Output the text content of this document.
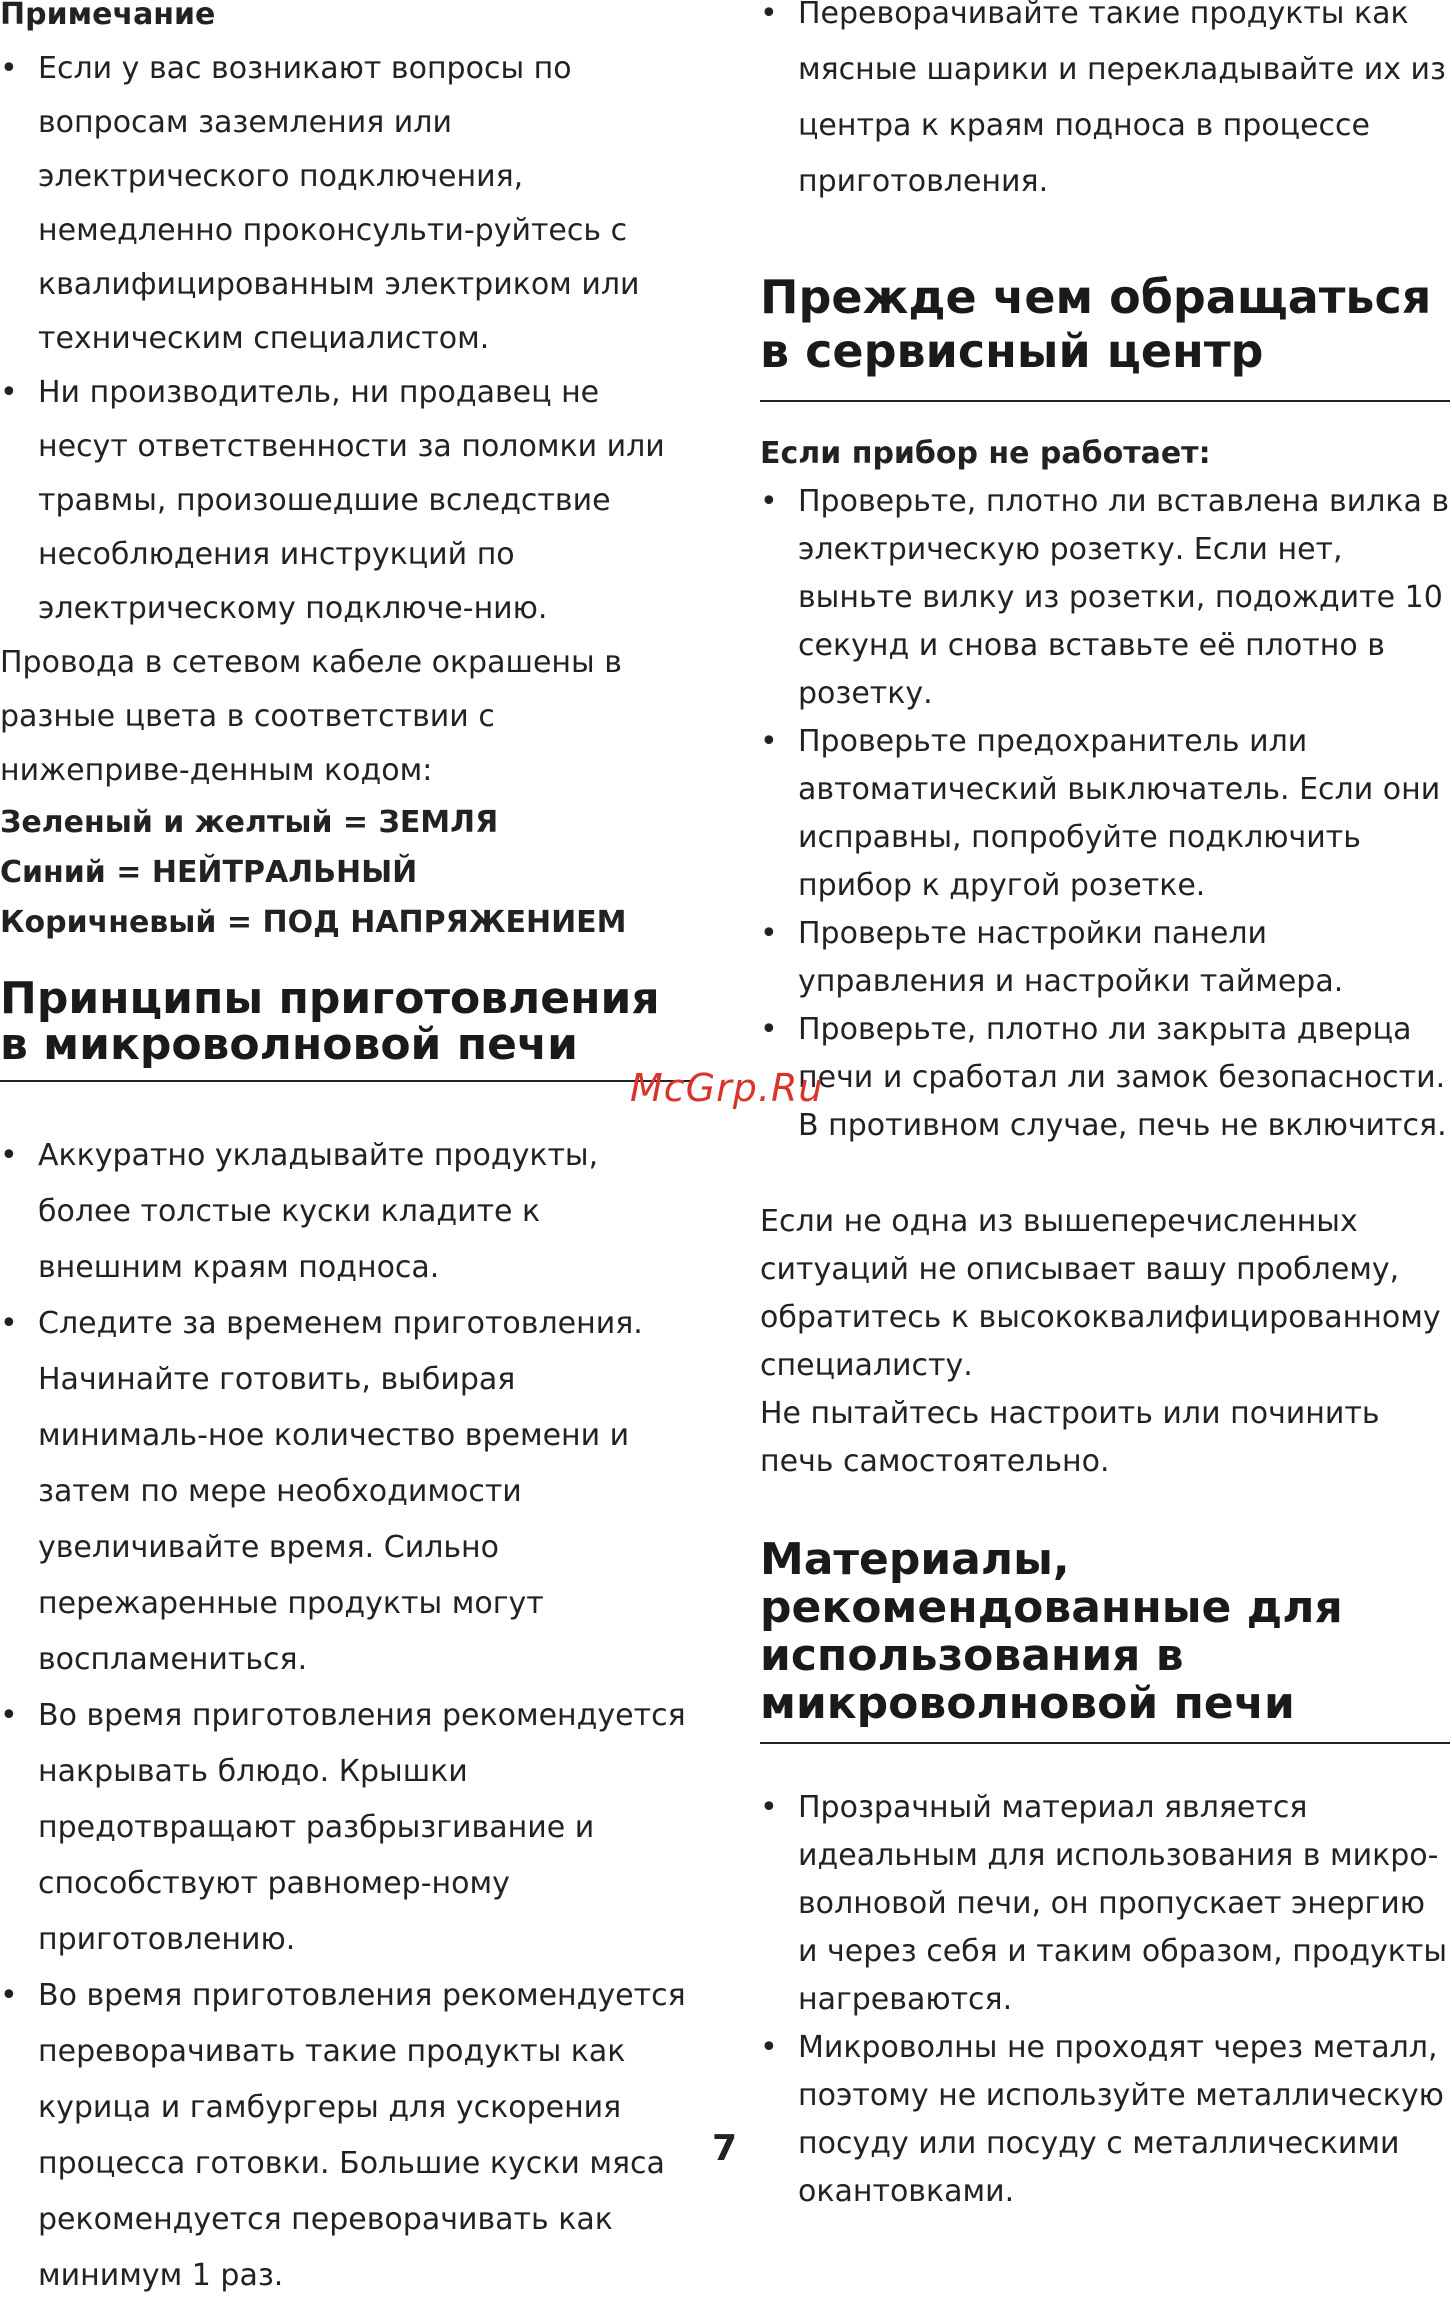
Примечание

• Если у вас возникают вопросы по вопросам заземления или электрического подключения, немедленно проконсульти-руйтесь с квалифицированным электриком или техническим специалистом.
• Ни производитель, ни продавец не несут ответственности за поломки или травмы, произошедшие вследствие несоблюдения инструкций по электрическому подключе-нию.

Провода в сетевом кабеле окрашены в разные цвета в соответствии с нижеприве-денным кодом:

Зеленый и желтый = ЗЕМЛЯ

Синий = НЕЙТРАЛЬНЫЙ

Коричневый = ПОД НАПРЯЖЕНИЕМ

Принципы приготовления в микроволновой печи
• Аккуратно укладывайте продукты, более толстые куски кладите к внешним краям подноса.
• Следите за временем приготовления. Начинайте готовить, выбирая минималь-ное количество времени и затем по мере необходимости увеличивайте время. Сильно пережаренные продукты могут воспламениться.
• Во время приготовления рекомендуется накрывать блюдо. Крышки предотвращают разбрызгивание и способствуют равномер-ному приготовлению.
• Во время приготовления рекомендуется переворачивать такие продукты как курица и гамбургеры для ускорения процесса готовки. Большие куски мяса рекомендуется переворачивать как минимум 1 раз.
• Переворачивайте такие продукты как мясные шарики и перекладывайте их из центра к краям подноса в процессе приготовления.
Прежде чем обращаться в сервисный центр

Если прибор не работает:

• Проверьте, плотно ли вставлена вилка в электрическую розетку. Если нет, выньте вилку из розетки, подождите 10 секунд и снова вставьте её плотно в розетку.
• Проверьте предохранитель или автоматический выключатель. Если они исправны, попробуйте подключить прибор к другой розетке.
• Проверьте настройки панели управления и настройки таймера.
• Проверьте, плотно ли закрыта дверца печи и сработал ли замок безопасности. В противном случае, печь не включится.

Если не одна из вышеперечисленных ситуаций не описывает вашу проблему, обратитесь к высококвалифицированному специалисту.

Не пытайтесь настроить или починить печь самостоятельно.

Материалы, рекомендованные для использования в микроволновой печи
• Прозрачный материал является идеальным для использования в микро-волновой печи, он пропускает энергию и через себя и таким образом, продукты нагреваются.
• Микроволны не проходят через металл, поэтому не используйте металлическую посуду или посуду с металлическими окантовками.
McGrp.Ru
7
